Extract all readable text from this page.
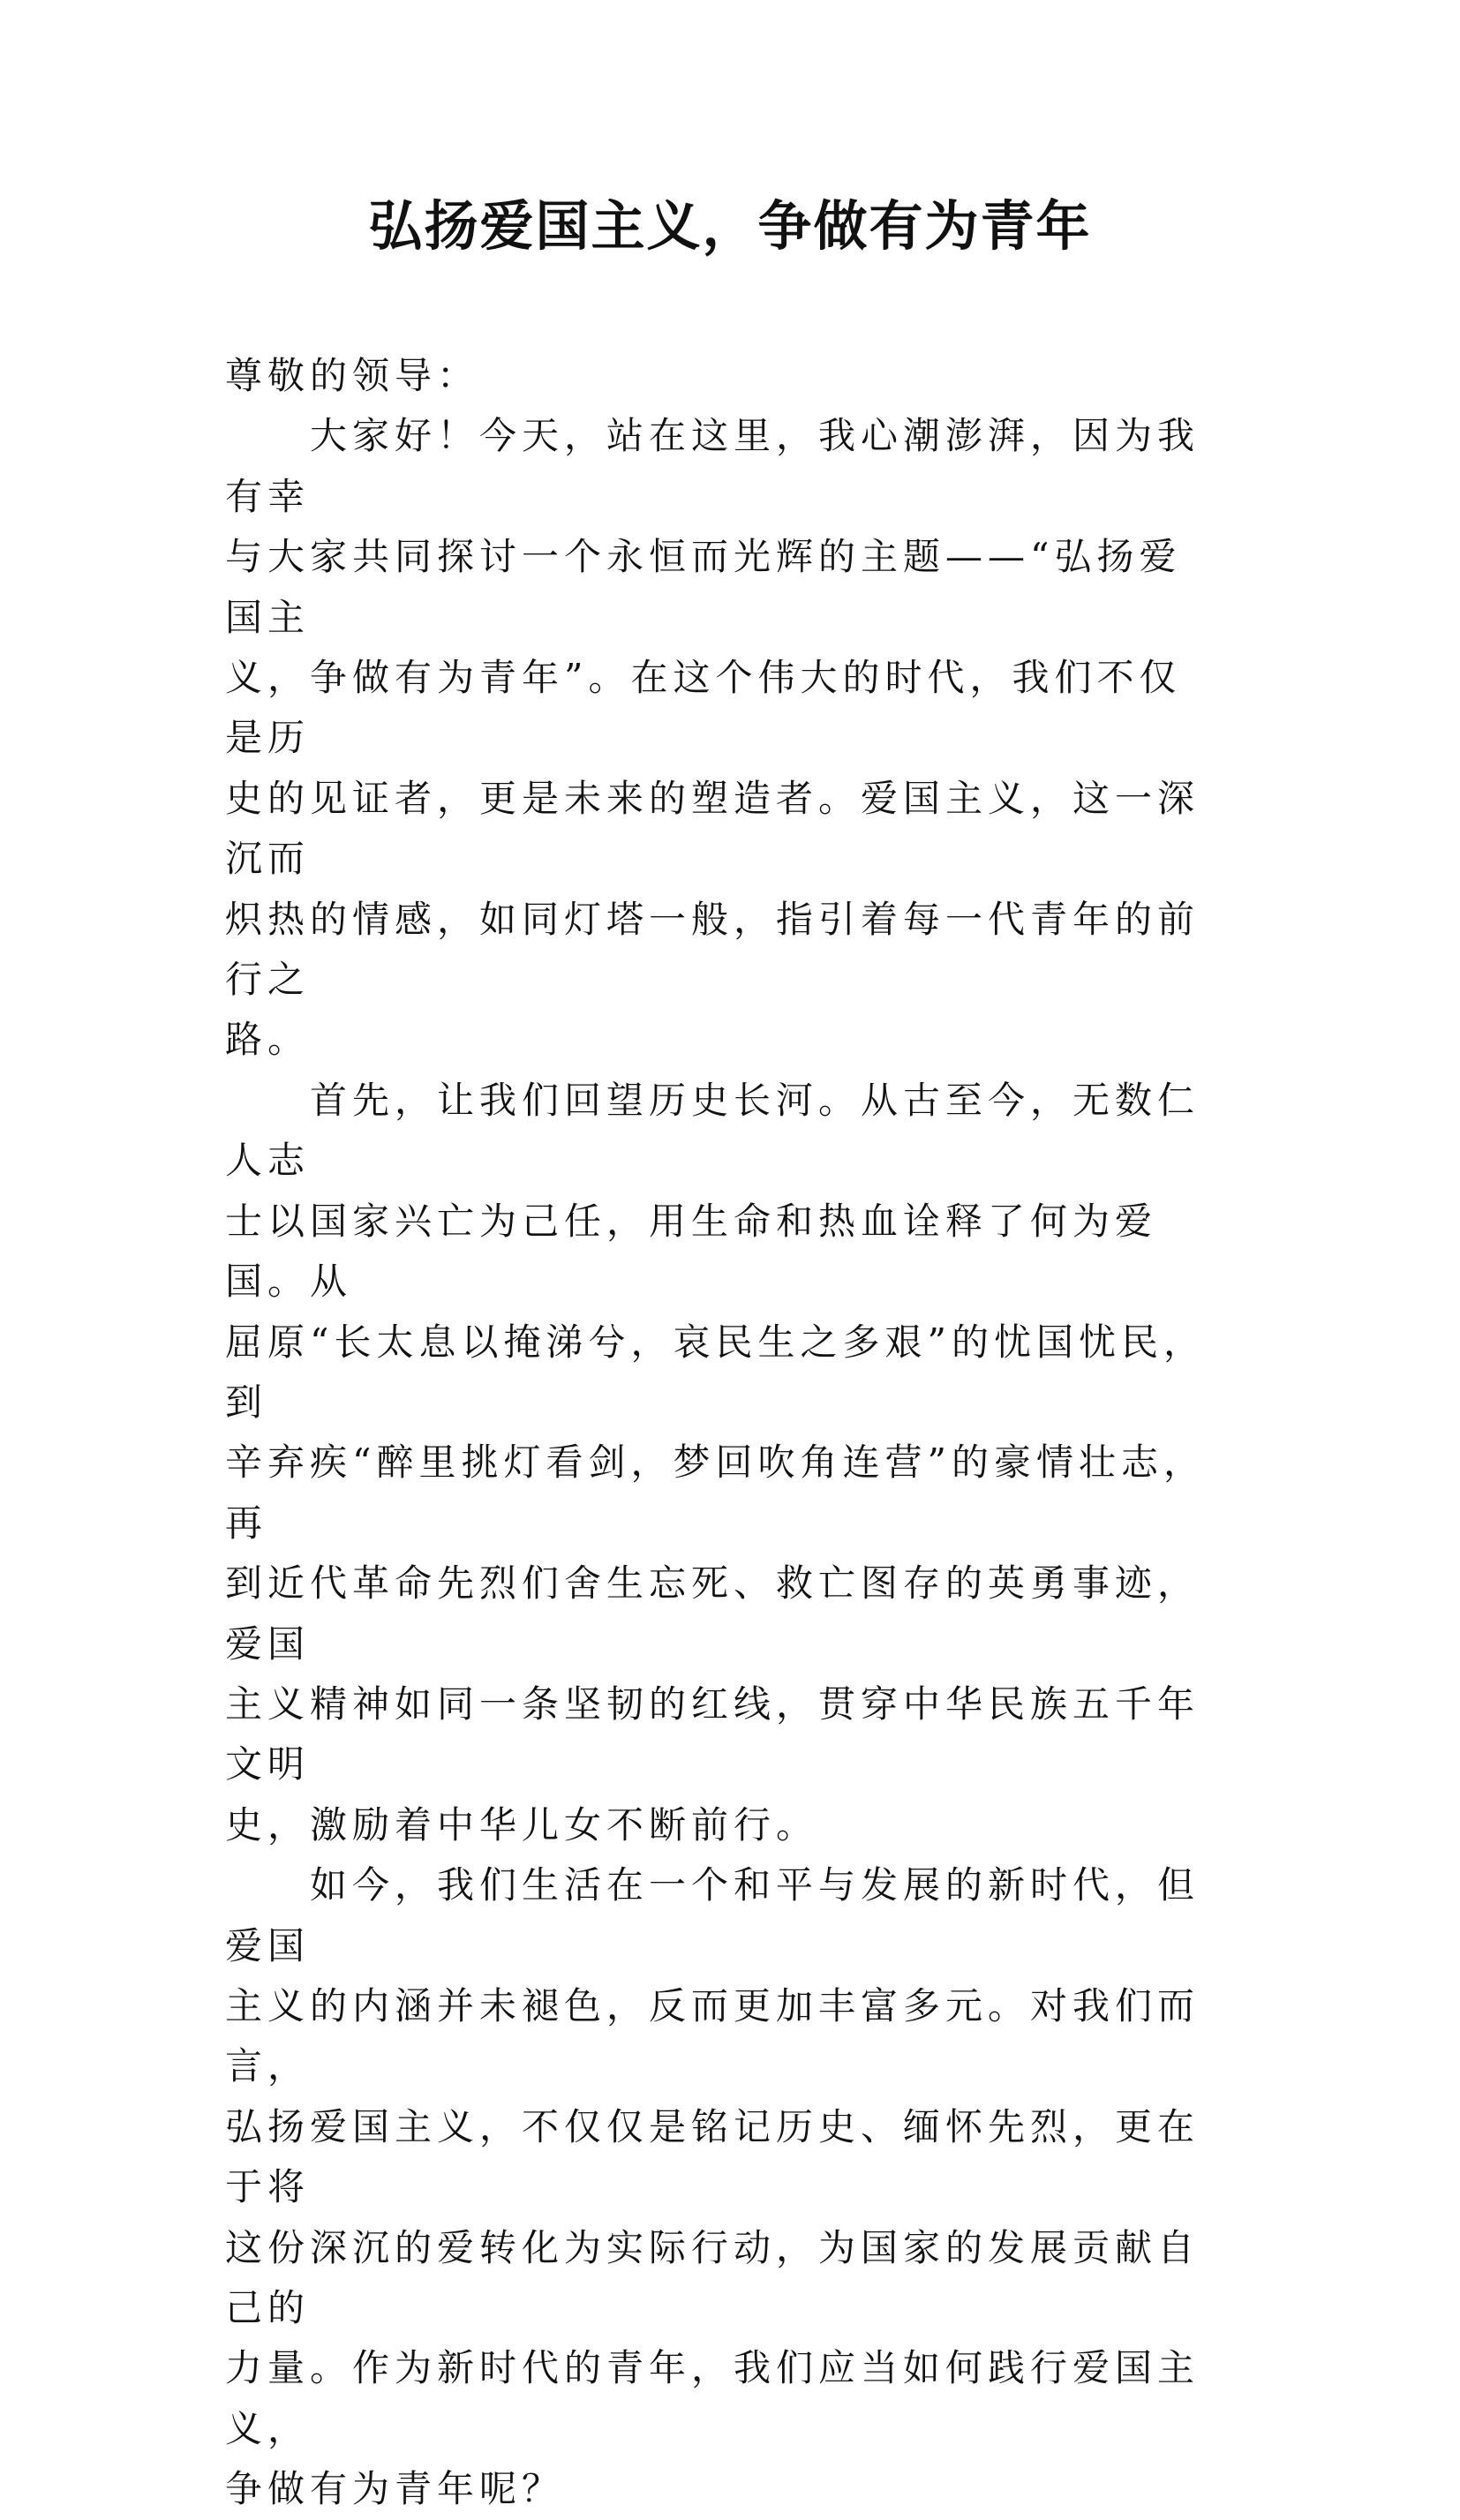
弘扬爱国主义，争做有为青年

尊敬的领导：

大家好！今天，站在这里，我心潮澎湃，因为我有幸
与大家共同探讨一个永恒而光辉的主题——“弘扬爱国主
义，争做有为青年”。在这个伟大的时代，我们不仅是历
史的见证者，更是未来的塑造者。爱国主义，这一深沉而
炽热的情感，如同灯塔一般，指引着每一代青年的前行之
路。

首先，让我们回望历史长河。从古至今，无数仁人志
士以国家兴亡为己任，用生命和热血诠释了何为爱国。从
屈原“长太息以掩涕兮，哀民生之多艰”的忧国忧民，到
辛弃疾“醉里挑灯看剑，梦回吹角连营”的豪情壮志，再
到近代革命先烈们舍生忘死、救亡图存的英勇事迹，爱国
主义精神如同一条坚韧的红线，贯穿中华民族五千年文明
史，激励着中华儿女不断前行。

如今，我们生活在一个和平与发展的新时代，但爱国
主义的内涵并未褪色，反而更加丰富多元。对我们而言，
弘扬爱国主义，不仅仅是铭记历史、缅怀先烈，更在于将
这份深沉的爱转化为实际行动，为国家的发展贡献自己的
力量。作为新时代的青年，我们应当如何践行爱国主义，
争做有为青年呢？
